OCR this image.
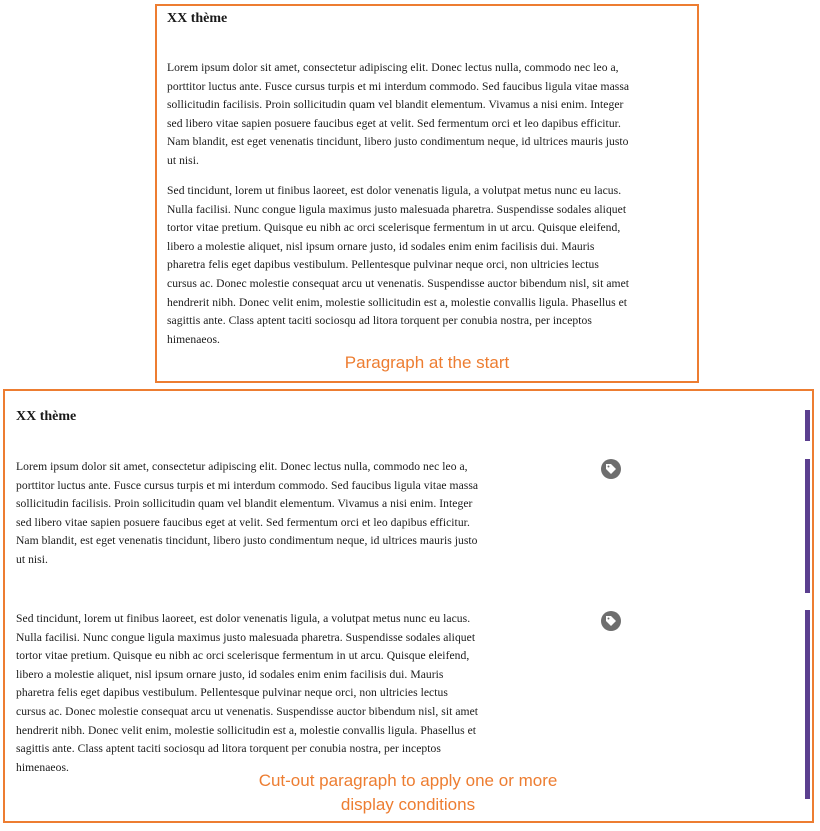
XX thème
Lorem ipsum dolor sit amet, consectetur adipiscing elit. Donec lectus nulla, commodo nec leo a,
porttitor luctus ante. Fusce cursus turpis et mi interdum commodo. Sed faucibus ligula vitae massa
sollicitudin facilisis. Proin sollicitudin quam vel blandit elementum. Vivamus a nisi enim. Integer
sed libero vitae sapien posuere faucibus eget at velit. Sed fermentum orci et leo dapibus efficitur.
Nam blandit, est eget venenatis tincidunt, libero justo condimentum neque, id ultrices mauris justo
ut nisi.
Sed tincidunt, lorem ut finibus laoreet, est dolor venenatis ligula, a volutpat metus nunc eu lacus.
Nulla facilisi. Nunc congue ligula maximus justo malesuada pharetra. Suspendisse sodales aliquet
tortor vitae pretium. Quisque eu nibh ac orci scelerisque fermentum in ut arcu. Quisque eleifend,
libero a molestie aliquet, nisl ipsum ornare justo, id sodales enim enim facilisis dui. Mauris
pharetra felis eget dapibus vestibulum. Pellentesque pulvinar neque orci, non ultricies lectus
cursus ac. Donec molestie consequat arcu ut venenatis. Suspendisse auctor bibendum nisl, sit amet
hendrerit nibh. Donec velit enim, molestie sollicitudin est a, molestie convallis ligula. Phasellus et
sagittis ante. Class aptent taciti sociosqu ad litora torquent per conubia nostra, per inceptos
himenaeos.
Paragraph at the start
XX thème
Lorem ipsum dolor sit amet, consectetur adipiscing elit. Donec lectus nulla, commodo nec leo a,
porttitor luctus ante. Fusce cursus turpis et mi interdum commodo. Sed faucibus ligula vitae massa
sollicitudin facilisis. Proin sollicitudin quam vel blandit elementum. Vivamus a nisi enim. Integer
sed libero vitae sapien posuere faucibus eget at velit. Sed fermentum orci et leo dapibus efficitur.
Nam blandit, est eget venenatis tincidunt, libero justo condimentum neque, id ultrices mauris justo
ut nisi.
Sed tincidunt, lorem ut finibus laoreet, est dolor venenatis ligula, a volutpat metus nunc eu lacus.
Nulla facilisi. Nunc congue ligula maximus justo malesuada pharetra. Suspendisse sodales aliquet
tortor vitae pretium. Quisque eu nibh ac orci scelerisque fermentum in ut arcu. Quisque eleifend,
libero a molestie aliquet, nisl ipsum ornare justo, id sodales enim enim facilisis dui. Mauris
pharetra felis eget dapibus vestibulum. Pellentesque pulvinar neque orci, non ultricies lectus
cursus ac. Donec molestie consequat arcu ut venenatis. Suspendisse auctor bibendum nisl, sit amet
hendrerit nibh. Donec velit enim, molestie sollicitudin est a, molestie convallis ligula. Phasellus et
sagittis ante. Class aptent taciti sociosqu ad litora torquent per conubia nostra, per inceptos
himenaeos.
Cut-out paragraph to apply one or more
display conditions
